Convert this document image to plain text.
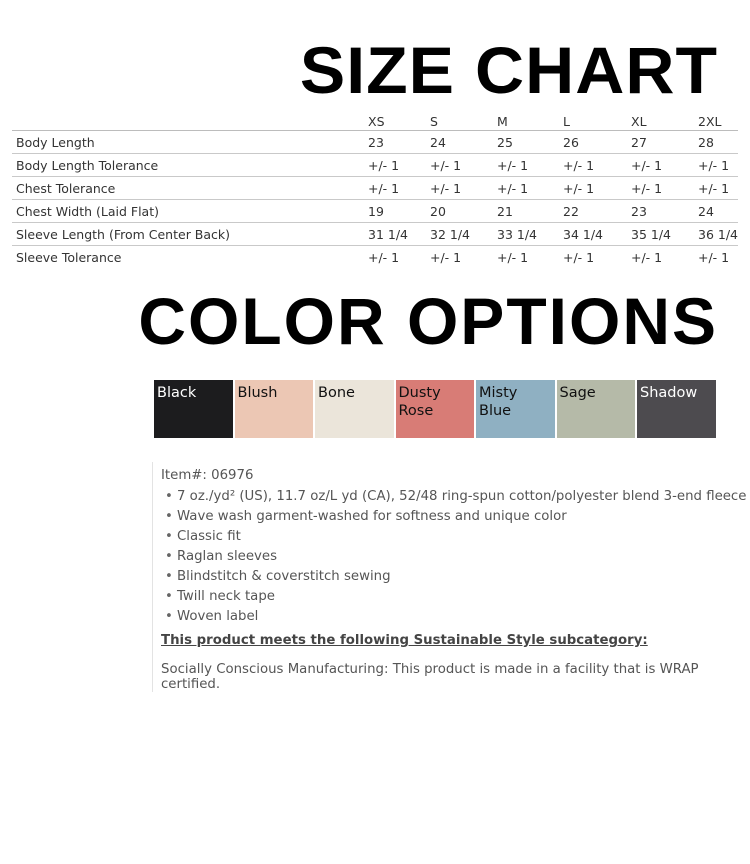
SIZE CHART
	XS	S	M	L	XL	2XL
Body Length	23	24	25	26	27	28
Body Length Tolerance	+/- 1	+/- 1	+/- 1	+/- 1	+/- 1	+/- 1
Chest Tolerance	+/- 1	+/- 1	+/- 1	+/- 1	+/- 1	+/- 1
Chest Width (Laid Flat)	19	20	21	22	23	24
Sleeve Length (From Center Back)	31 1/4	32 1/4	33 1/4	34 1/4	35 1/4	36 1/4
Sleeve Tolerance	+/- 1	+/- 1	+/- 1	+/- 1	+/- 1	+/- 1
COLOR OPTIONS
Black	Blush	Bone	Dusty
Rose
Misty
Blue
Sage	Shadow
Item#: 06976
• 7 oz./yd² (US), 11.7 oz/L yd (CA), 52/48 ring-spun cotton/polyester blend 3-end fleece
• Wave wash garment-washed for softness and unique color
• Classic fit
• Raglan sleeves
• Blindstitch & coverstitch sewing
• Twill neck tape
• Woven label
This product meets the following Sustainable Style subcategory:
Socially Conscious Manufacturing: This product is made in a facility that is WRAP certified.
